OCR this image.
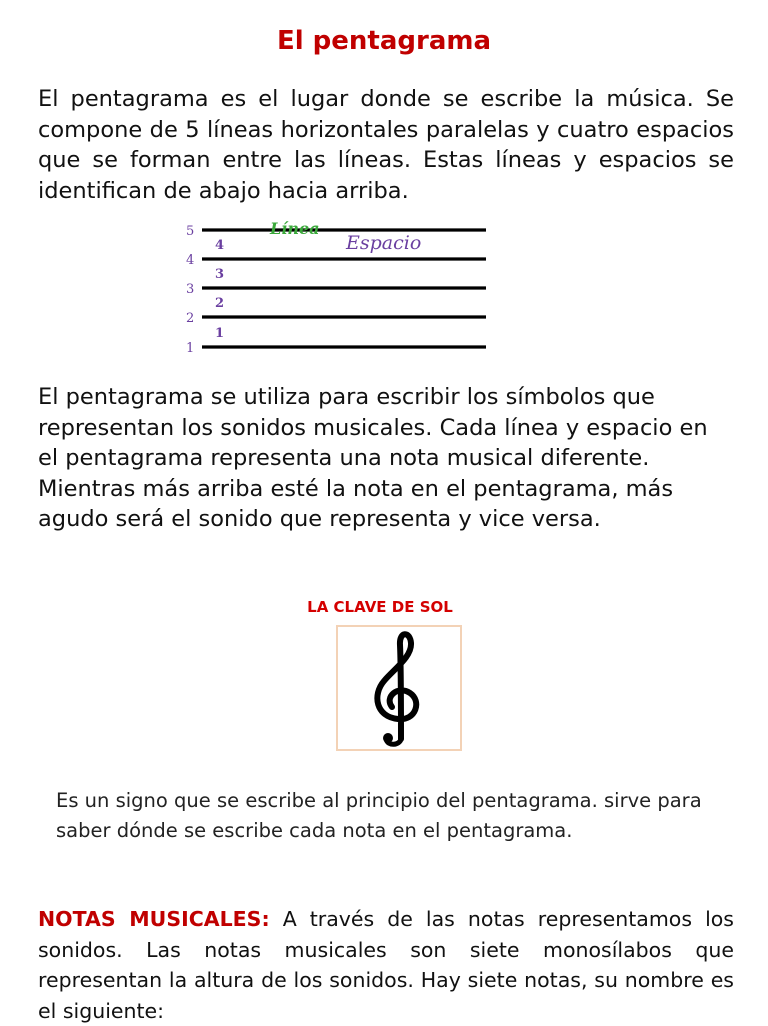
El pentagrama

El pentagrama es el lugar donde se escribe la música. Se compone de 5 líneas horizontales paralelas y cuatro espacios que se forman entre las líneas. Estas líneas y espacios se identifican de abajo hacia arriba.

5
4
3
2
1
4
3
2
1
Línea
Espacio

El pentagrama se utiliza para escribir los símbolos que representan los sonidos musicales. Cada línea y espacio en el pentagrama representa una nota musical diferente. Mientras más arriba esté la nota en el pentagrama, más agudo será el sonido que representa y vice versa.

LA CLAVE DE SOL

Es un signo que se escribe al principio del pentagrama. sirve para saber dónde se escribe cada nota en el pentagrama.

NOTAS MUSICALES: A través de las notas representamos los sonidos. Las notas musicales son siete monosílabos que representan la altura de los sonidos. Hay siete notas, su nombre es el siguiente:
